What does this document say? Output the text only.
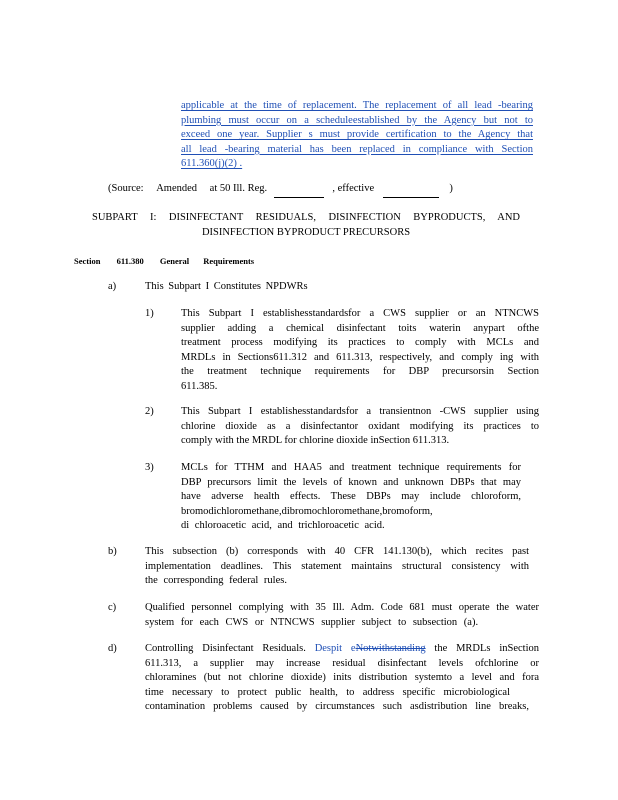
applicable at the time of replacement. The replacement of all lead -bearing
plumbing must occur on a scheduleestablished by the Agency but not to
exceed one year. Supplier s must provide certification to the Agency that
all lead -bearing material has been replaced in compliance with Section
611.360(j)(2) .
(Source: Amended at 50 Ill. Reg.	, effective	)
SUBPART I: DISINFECTANT RESIDUALS, DISINFECTION BYPRODUCTS, AND
DISINFECTION BYPRODUCT PRECURSORS
Section 611.380 General Requirements
a)	This Subpart I Constitutes NPDWRs
1)	This Subpart I establishesstandardsfor a CWS supplier or an NTNCWS
supplier adding a chemical disinfectant toits waterin anypart ofthe
treatment process modifying its practices to comply with MCLs and
MRDLs in Sections611.312 and 611.313, respectively, and comply ing with
the treatment technique requirements for DBP precursorsin Section
611.385.
2)	This Subpart I establishesstandardsfor a transientnon -CWS supplier using
chlorine dioxide as a disinfectantor oxidant modifying its practices to
comply with the MRDL for chlorine dioxide inSection 611.313.
3)	MCLs for TTHM and HAA5 and treatment technique requirements for
DBP precursors limit the levels of known and unknown DBPs that may
have adverse health effects. These DBPs may include chloroform,
bromodichloromethane,dibromochloromethane,bromoform,
di chloroacetic acid, and trichloroacetic acid.
b)	This subsection (b) corresponds with 40 CFR 141.130(b), which recites past
implementation deadlines. This statement maintains structural consistency with
the corresponding federal rules.
c)	Qualified personnel complying with 35 Ill. Adm. Code 681 must operate the water
system for each CWS or NTNCWS supplier subject to subsection (a).
d)	Controlling Disinfectant Residuals. Despit eNotwithstanding the MRDLs inSection
611.313, a supplier may increase residual disinfectant levels ofchlorine or
chloramines (but not chlorine dioxide) inits distribution systemto a level and fora
time necessary to protect public health, to address specific microbiological
contamination problems caused by circumstances such asdistribution line breaks,
